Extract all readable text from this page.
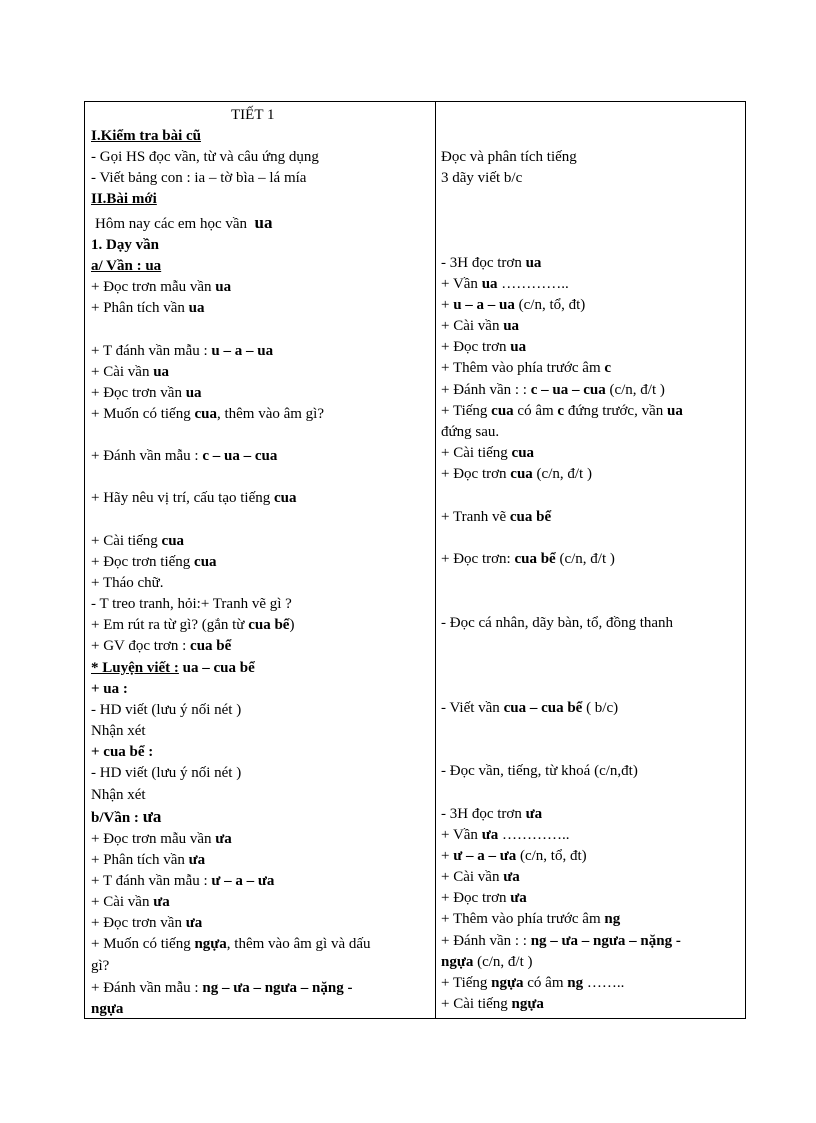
TIẾT 1
I.Kiểm tra bài cũ
- Gọi HS đọc vần, từ và câu ứng dụng
- Viết bảng con : ia – tờ bìa – lá mía
II.Bài mới
Hôm nay các em học vần ua
1. Dạy vần
a/ Vần : ua
+ Đọc trơn mẫu vần ua
+ Phân tích vần ua
+ T đánh vần mẫu : u – a – ua
+ Cài vần ua
+ Đọc trơn vần ua
+ Muốn có tiếng cua, thêm vào âm gì?
+ Đánh vần mẫu : c – ua – cua
+ Hãy nêu vị trí, cấu tạo tiếng cua
+ Cài tiếng cua
+ Đọc trơn tiếng cua
+ Tháo chữ.
- T treo tranh, hỏi:+ Tranh vẽ gì ?
+ Em rút ra từ gì? (gắn từ cua bể)
+ GV đọc trơn : cua bể
* Luyện viết : ua – cua bể
+ ua :
- HD viết (lưu ý nối nét )
Nhận xét
+ cua bể :
- HD viết (lưu ý nối nét )
Nhận xét
b/Vần : ưa
+ Đọc trơn mẫu vần ưa
+ Phân tích vần ưa
+ T đánh vần mẫu : ư – a – ưa
+ Cài vần ưa
+ Đọc trơn vần ưa
+ Muốn có tiếng ngựa, thêm vào âm gì và dấu
gì?
+ Đánh vần mẫu : ng – ưa – ngưa – nặng -
ngựa
Đọc và phân tích tiếng
3 dãy viết b/c
- 3H đọc trơn ua
+ Vần ua …………..
+ u – a – ua (c/n, tổ, đt)
+ Cài vần ua
+ Đọc trơn ua
+ Thêm vào phía trước âm c
+ Đánh vần : : c – ua – cua (c/n, đ/t )
+ Tiếng cua có âm c đứng trước, vần ua
đứng sau.
+ Cài tiếng cua
+ Đọc trơn cua (c/n, đ/t )
+ Tranh vẽ cua bể
+ Đọc trơn: cua bể (c/n, đ/t )
- Đọc cá nhân, dãy bàn, tổ, đồng thanh
- Viết vần cua – cua bể ( b/c)
- Đọc vần, tiếng, từ khoá (c/n,đt)
- 3H đọc trơn ưa
+ Vần ưa …………..
+ ư – a – ưa (c/n, tổ, đt)
+ Cài vần ưa
+ Đọc trơn ưa
+ Thêm vào phía trước âm ng
+ Đánh vần : : ng – ưa – ngưa – nặng -
ngựa (c/n, đ/t )
+ Tiếng ngựa có âm ng ……..
+ Cài tiếng ngựa
